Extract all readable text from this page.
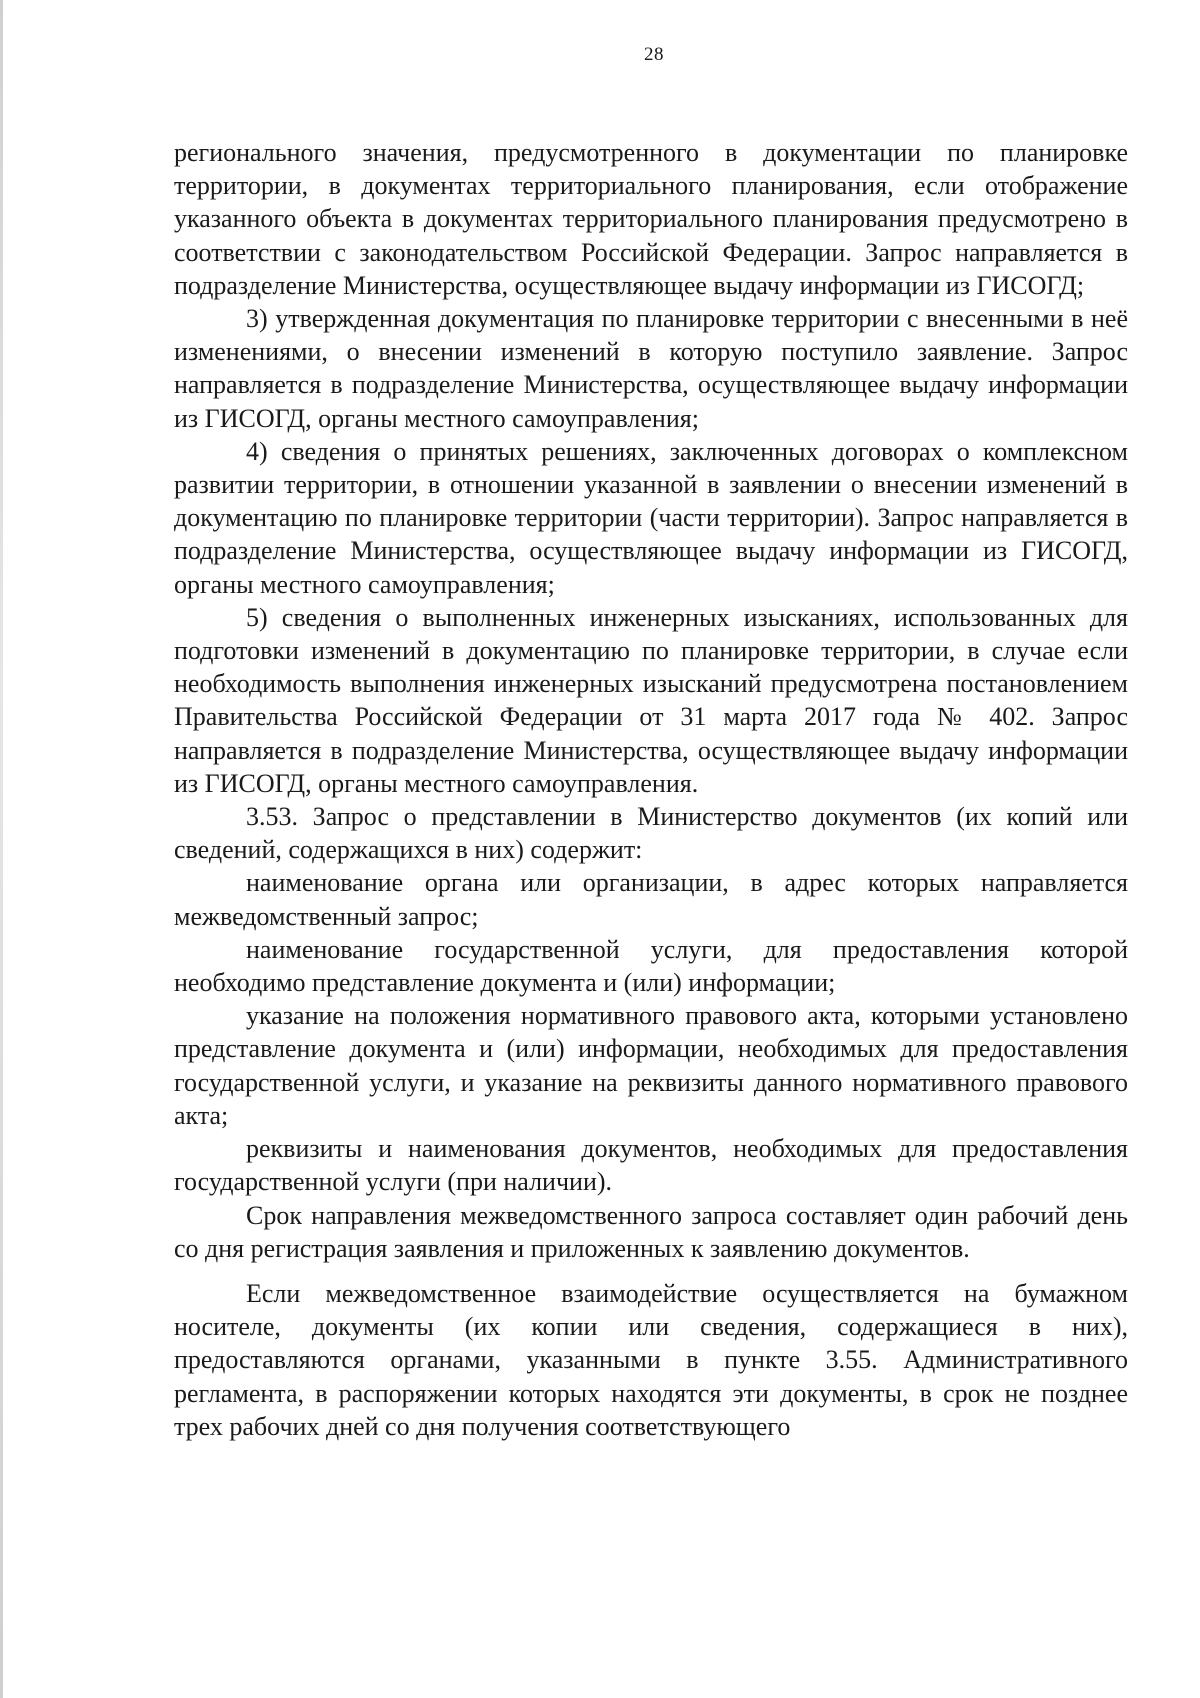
28

регионального значения, предусмотренного в документации по планировке территории, в документах территориального планирования, если отображение указанного объекта в документах территориального планирования предусмотрено в соответствии с законодательством Российской Федерации. Запрос направляется в подразделение Министерства, осуществляющее выдачу информации из ГИСОГД;

3) утвержденная документация по планировке территории с внесенными в неё изменениями, о внесении изменений в которую поступило заявление. Запрос направляется в подразделение Министерства, осуществляющее выдачу информации из ГИСОГД, органы местного самоуправления;

4) сведения о принятых решениях, заключенных договорах о комплексном развитии территории, в отношении указанной в заявлении о внесении изменений в документацию по планировке территории (части территории). Запрос направляется в подразделение Министерства, осуществляющее выдачу информации из ГИСОГД, органы местного самоуправления;

5) сведения о выполненных инженерных изысканиях, использованных для подготовки изменений в документацию по планировке территории, в случае если необходимость выполнения инженерных изысканий предусмотрена постановлением Правительства Российской Федерации от 31 марта 2017 года № 402. Запрос направляется в подразделение Министерства, осуществляющее выдачу информации из ГИСОГД, органы местного самоуправления.

3.53. Запрос о представлении в Министерство документов (их копий или сведений, содержащихся в них) содержит:

наименование органа или организации, в адрес которых направляется межведомственный запрос;

наименование государственной услуги, для предоставления которой необходимо представление документа и (или) информации;

указание на положения нормативного правового акта, которыми установлено представление документа и (или) информации, необходимых для предоставления государственной услуги, и указание на реквизиты данного нормативного правового акта;

реквизиты и наименования документов, необходимых для предоставления государственной услуги (при наличии).

Срок направления межведомственного запроса составляет один рабочий день со дня регистрация заявления и приложенных к заявлению документов.

Если межведомственное взаимодействие осуществляется на бумажном носителе, документы (их копии или сведения, содержащиеся в них), предоставляются органами, указанными в пункте 3.55. Административного регламента, в распоряжении которых находятся эти документы, в срок не позднее трех рабочих дней со дня получения соответствующего
